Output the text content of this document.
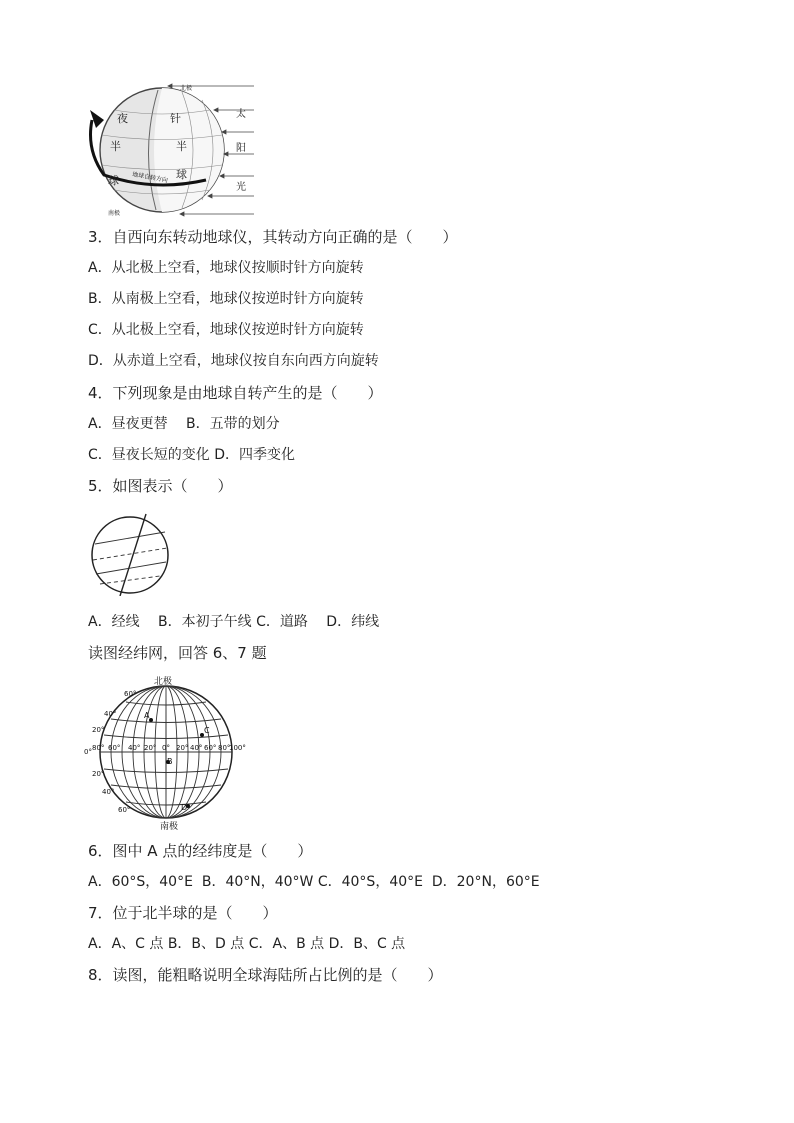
夜
半
球
针
半
球
地球自转方向
北极
南极
太
阳
光
3．自西向东转动地球仪，其转动方向正确的是（　　）
A．从北极上空看，地球仪按顺时针方向旋转
B．从南极上空看，地球仪按逆时针方向旋转
C．从北极上空看，地球仪按逆时针方向旋转
D．从赤道上空看，地球仪按自东向西方向旋转
4．下列现象是由地球自转产生的是（　　）
A．昼夜更替　 B．五带的划分
C．昼夜长短的变化 D．四季变化
5．如图表示（　　）
A．经线　 B．本初子午线 C．道路　 D．纬线
读图经纬网，回答 6、7 题
A
B
C
D
北极
南极
80° 60° 40° 20° 0° 20° 40° 60° 80°
100°
60°
40°
20°
0°
20°
40°
60°
6．图中 A 点的经纬度是（　　）
A．60°S，40°E  B．40°N，40°W C．40°S，40°E  D．20°N，60°E
7．位于北半球的是（　　）
A．A、C 点 B．B、D 点 C．A、B 点 D．B、C 点
8．读图，能粗略说明全球海陆所占比例的是（　　）
